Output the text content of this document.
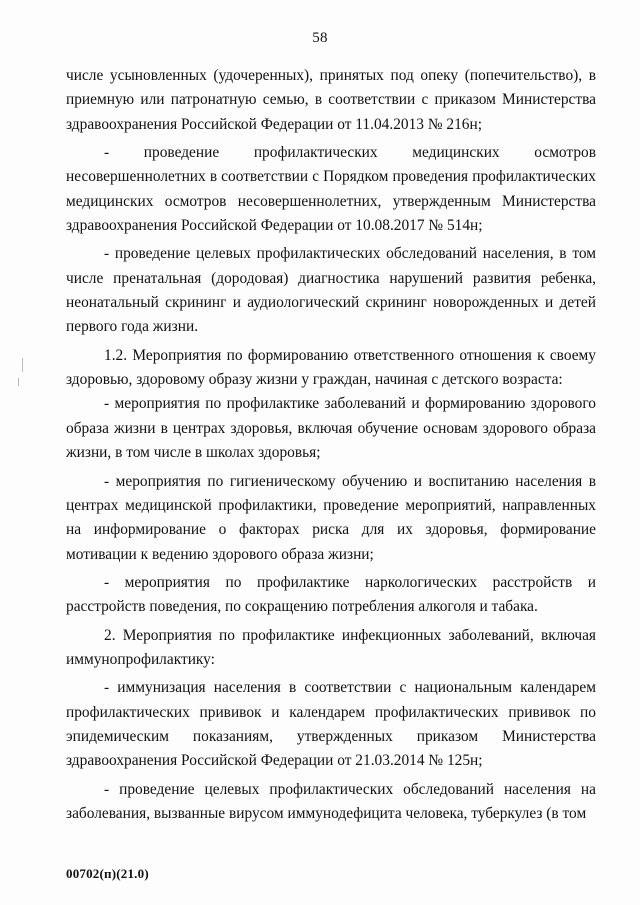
58

числе усыновленных (удочеренных), принятых под опеку (попечительство), в приемную или патронатную семью, в соответствии с приказом Министерства здравоохранения Российской Федерации от 11.04.2013 № 216н;

- проведение профилактических медицинских осмотров несовершеннолетних в соответствии с Порядком проведения профилактических медицинских осмотров несовершеннолетних, утвержденным Министерства здравоохранения Российской Федерации от 10.08.2017 № 514н;

- проведение целевых профилактических обследований населения, в том числе пренатальная (дородовая) диагностика нарушений развития ребенка, неонатальный скрининг и аудиологический скрининг новорожденных и детей первого года жизни.

1.2. Мероприятия по формированию ответственного отношения к своему здоровью, здоровому образу жизни у граждан, начиная с детского возраста:

- мероприятия по профилактике заболеваний и формированию здорового образа жизни в центрах здоровья, включая обучение основам здорового образа жизни, в том числе в школах здоровья;

- мероприятия по гигиеническому обучению и воспитанию населения в центрах медицинской профилактики, проведение мероприятий, направленных на информирование о факторах риска для их здоровья, формирование мотивации к ведению здорового образа жизни;

- мероприятия по профилактике наркологических расстройств и расстройств поведения, по сокращению потребления алкоголя и табака.

2. Мероприятия по профилактике инфекционных заболеваний, включая иммунопрофилактику:

- иммунизация населения в соответствии с национальным календарем профилактических прививок и календарем профилактических прививок по эпидемическим показаниям, утвержденных приказом Министерства здравоохранения Российской Федерации от 21.03.2014 № 125н;

- проведение целевых профилактических обследований населения на заболевания, вызванные вирусом иммунодефицита человека, туберкулез (в том

00702(п)(21.0)
